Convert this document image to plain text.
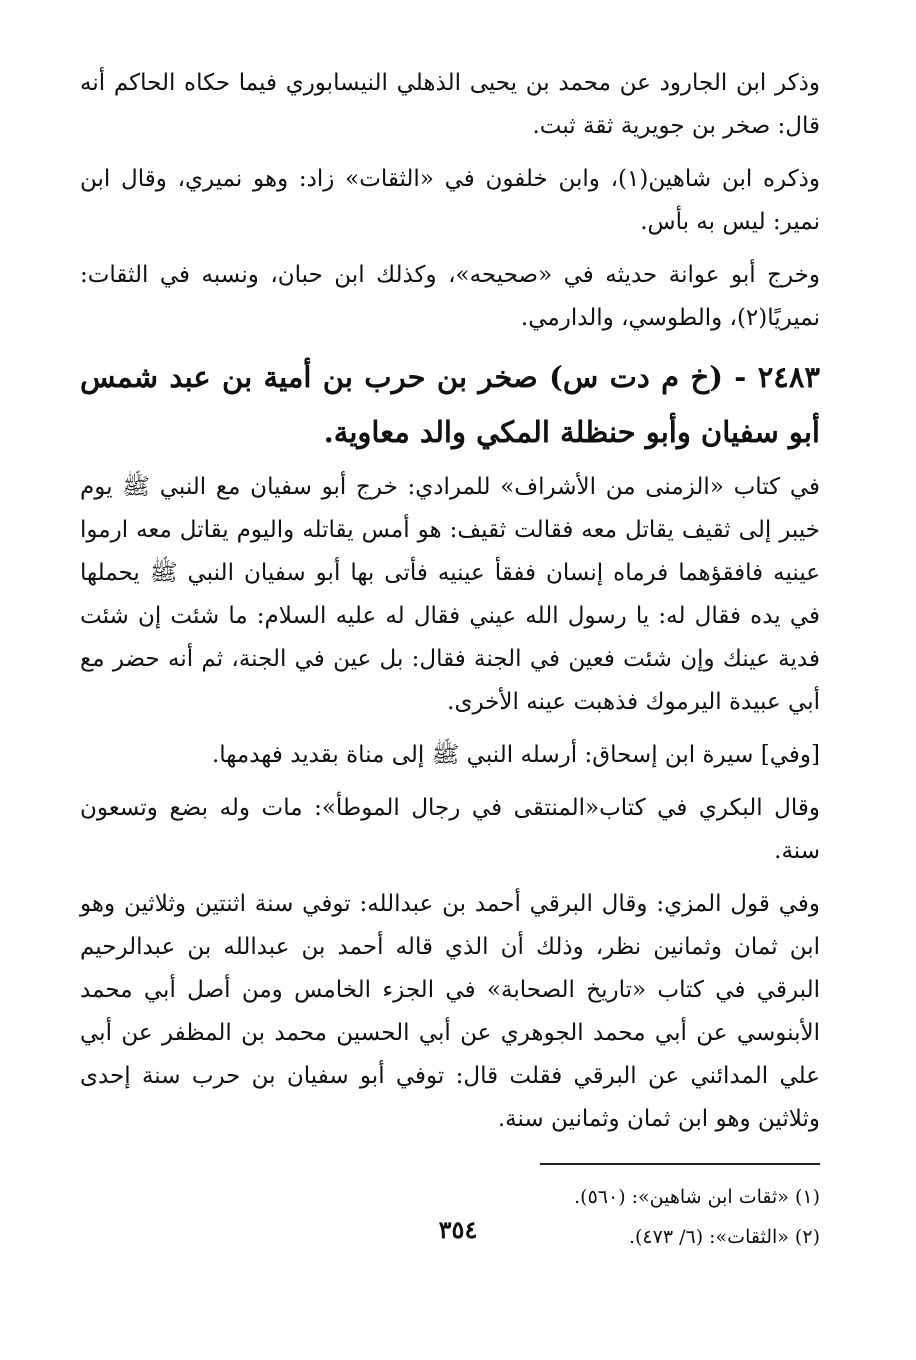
وذكر ابن الجارود عن محمد بن يحيى الذهلي النيسابوري فيما حكاه الحاكم أنه قال: صخر بن جويرية ثقة ثبت.

وذكره ابن شاهين(١)، وابن خلفون في «الثقات» زاد: وهو نميري، وقال ابن نمير: ليس به بأس.

وخرج أبو عوانة حديثه في «صحيحه»، وكذلك ابن حبان، ونسبه في الثقات: نميريًا(٢)، والطوسي، والدارمي.

٢٤٨٣ - (خ م دت س) صخر بن حرب بن أمية بن عبد شمس أبو سفيان وأبو حنظلة المكي والد معاوية.

في كتاب «الزمنى من الأشراف» للمرادي: خرج أبو سفيان مع النبي ﷺ يوم خيبر إلى ثقيف يقاتل معه فقالت ثقيف: هو أمس يقاتله واليوم يقاتل معه ارموا عينيه فافقؤهما فرماه إنسان ففقأ عينيه فأتى بها أبو سفيان النبي ﷺ يحملها في يده فقال له: يا رسول الله عيني فقال له عليه السلام: ما شئت إن شئت فدية عينك وإن شئت فعين في الجنة فقال: بل عين في الجنة، ثم أنه حضر مع أبي عبيدة اليرموك فذهبت عينه الأخرى.

[وفي] سيرة ابن إسحاق: أرسله النبي ﷺ إلى مناة بقديد فهدمها.

وقال البكري في كتاب«المنتقى في رجال الموطأ»: مات وله بضع وتسعون سنة.

وفي قول المزي: وقال البرقي أحمد بن عبدالله: توفي سنة اثنتين وثلاثين وهو ابن ثمان وثمانين نظر، وذلك أن الذي قاله أحمد بن عبدالله بن عبدالرحيم البرقي في كتاب «تاريخ الصحابة» في الجزء الخامس ومن أصل أبي محمد الأبنوسي عن أبي محمد الجوهري عن أبي الحسين محمد بن المظفر عن أبي علي المدائني عن البرقي فقلت قال: توفي أبو سفيان بن حرب سنة إحدى وثلاثين وهو ابن ثمان وثمانين سنة.

(١) «ثقات ابن شاهين»: (٥٦٠).

(٢) «الثقات»: (٦/ ٤٧٣).

٣٥٤
